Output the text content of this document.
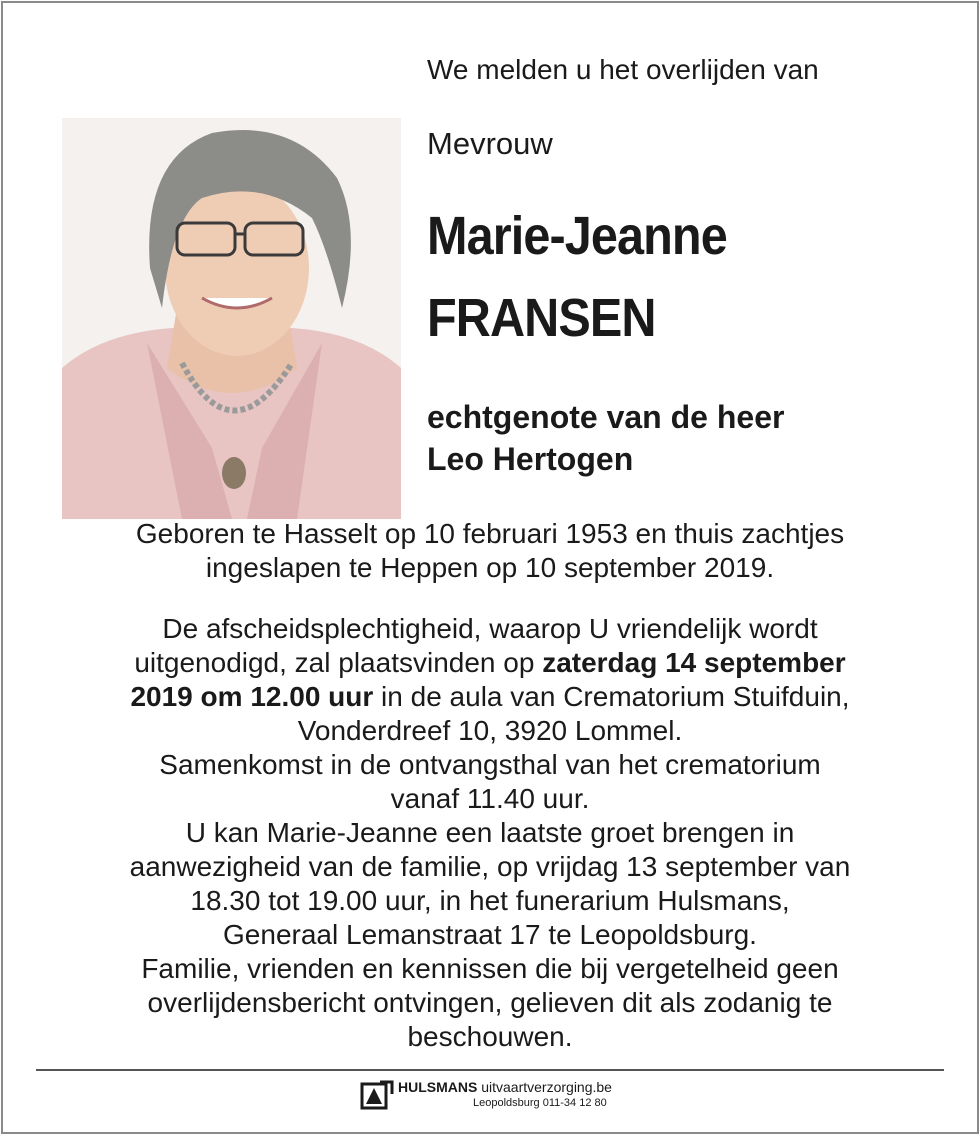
We melden u het overlijden van
Mevrouw
Marie-Jeanne
FRANSEN
echtgenote van de heer
Leo Hertogen
Geboren te Hasselt op 10 februari 1953 en thuis zachtjes
ingeslapen te Heppen op 10 september 2019.
De afscheidsplechtigheid, waarop U vriendelijk wordt
uitgenodigd, zal plaatsvinden op zaterdag 14 september
2019 om 12.00 uur in de aula van Crematorium Stuifduin,
Vonderdreef 10, 3920 Lommel.
Samenkomst in de ontvangsthal van het crematorium
vanaf 11.40 uur.
U kan Marie-Jeanne een laatste groet brengen in
aanwezigheid van de familie, op vrijdag 13 september van
18.30 tot 19.00 uur, in het funerarium Hulsmans,
Generaal Lemanstraat 17 te Leopoldsburg.
Familie, vrienden en kennissen die bij vergetelheid geen
overlijdensbericht ontvingen, gelieven dit als zodanig te
beschouwen.
HULSMANS uitvaartverzorging.be
Leopoldsburg 011-34 12 80
